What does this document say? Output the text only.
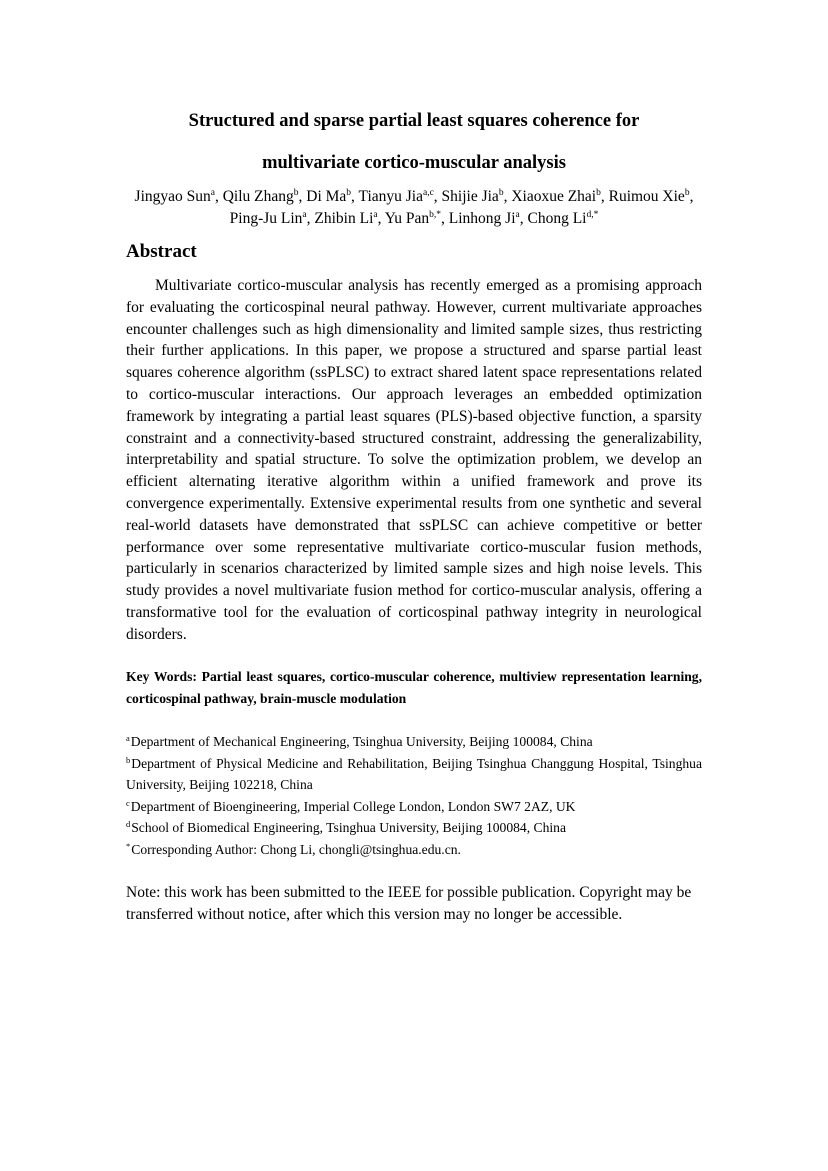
Structured and sparse partial least squares coherence for
multivariate cortico-muscular analysis
Jingyao Sun$^a$, Qilu Zhang$^b$, Di Ma$^b$, Tianyu Jia$^{a,c}$, Shijie Jia$^b$, Xiaoxue Zhai$^b$, Ruimou Xie$^b$, Ping-Ju Lin$^a$, Zhibin Li$^a$, Yu Pan$^{b,*}$, Linhong Ji$^a$, Chong $Li^{d,*}$
Abstract

Multivariate cortico-muscular analysis has recently emerged as a promising approach for evaluating the corticospinal neural pathway. However, current multivariate approaches encounter challenges such as high dimensionality and limited sample sizes, thus restricting their further applications. In this paper, we propose a structured and sparse partial least squares coherence algorithm (ssPLSC) to extract shared latent space representations related to cortico-muscular interactions. Our approach leverages an embedded optimization framework by integrating a partial least squares (PLS)-based objective function, a sparsity constraint and a connectivity-based structured constraint, addressing the generalizability, interpretability and spatial structure. To solve the optimization problem, we develop an efficient alternating iterative algorithm within a unified framework and prove its convergence experimentally. Extensive experimental results from one synthetic and several real-world datasets have demonstrated that ssPLSC can achieve competitive or better performance over some representative multivariate cortico-muscular fusion methods, particularly in scenarios characterized by limited sample sizes and high noise levels. This study provides a novel multivariate fusion method for cortico-muscular analysis, offering a transformative tool for the evaluation of corticospinal pathway integrity in neurological disorders.

Key Words: Partial least squares, cortico-muscular coherence, multiview representation learning, corticospinal pathway, brain-muscle modulation

$^a$Department of Mechanical Engineering, Tsinghua University, Beijing 100084, China
$^b$Department of Physical Medicine and Rehabilitation, Beijing Tsinghua Changgung Hospital, Tsinghua University, Beijing 102218, China
$^c$Department of Bioengineering, Imperial College London, London SW7 2AZ, UK
$^d$School of Biomedical Engineering, Tsinghua University, Beijing 100084, China
*Corresponding Author: Chong Li, chongli@tsinghua.edu.cn.

Note: this work has been submitted to the IEEE for possible publication. Copyright may be transferred without notice, after which this version may no longer be accessible.
